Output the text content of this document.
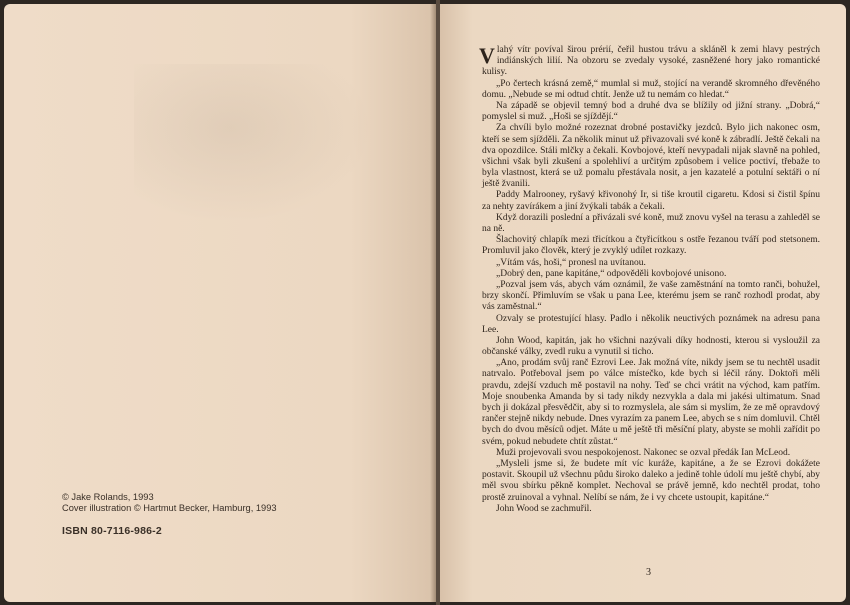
© Jake Rolands, 1993
Cover illustration © Hartmut Becker, Hamburg, 1993
ISBN 80-7116-986-2

Vlahý vítr povíval širou prérií, čeřil hustou trávu a skláněl k zemi hlavy pestrých indiánských lilií. Na obzoru se zvedaly vysoké, zasněžené hory jako romantické kulisy.

„Po čertech krásná země,“ mumlal si muž, stojící na verandě skromného dřevěného domu. „Nebude se mi odtud chtít. Jenže už tu nemám co hledat.“

Na západě se objevil temný bod a druhé dva se blížily od jižní strany. „Dobrá,“ pomyslel si muž. „Hoši se sjíždějí.“

Za chvíli bylo možné rozeznat drobné postavičky jezdců. Bylo jich nakonec osm, kteří se sem sjížděli. Za několik minut už přivazovali své koně k zábradlí. Ještě čekali na dva opozdilce. Stáli mlčky a čekali. Kovbojové, kteří nevypadali nijak slavně na pohled, všichni však byli zkušení a spolehliví a určitým způsobem i velice poctiví, třebaže to byla vlastnost, která se už pomalu přestávala nosit, a jen kazatelé a potulní sektáři o ní ještě žvanili.

Paddy Malrooney, ryšavý křivonohý Ir, si tiše kroutil cigaretu. Kdosi si čistil špínu za nehty zavírákem a jiní žvýkali tabák a čekali.

Když dorazili poslední a přivázali své koně, muž znovu vyšel na terasu a zahleděl se na ně.

Šlachovitý chlapík mezi třicítkou a čtyřicítkou s ostře řezanou tváří pod stetsonem. Promluvil jako člověk, který je zvyklý udílet rozkazy.

„Vítám vás, hoši,“ pronesl na uvítanou.

„Dobrý den, pane kapitáne,“ odpověděli kovbojové unisono.

„Pozval jsem vás, abych vám oznámil, že vaše zaměstnání na tomto ranči, bohužel, brzy skončí. Přimluvím se však u pana Lee, kterému jsem se ranč rozhodl prodat, aby vás zaměstnal.“

Ozvaly se protestující hlasy. Padlo i několik neuctivých poznámek na adresu pana Lee.

John Wood, kapitán, jak ho všichni nazývali díky hodnosti, kterou si vysloužil za občanské války, zvedl ruku a vynutil si ticho.

„Ano, prodám svůj ranč Ezrovi Lee. Jak možná víte, nikdy jsem se tu nechtěl usadit natrvalo. Potřeboval jsem po válce místečko, kde bych si léčil rány. Doktoři měli pravdu, zdejší vzduch mě postavil na nohy. Teď se chci vrátit na východ, kam patřím. Moje snoubenka Amanda by si tady nikdy nezvykla a dala mi jakési ultimatum. Snad bych ji dokázal přesvědčit, aby si to rozmyslela, ale sám si myslím, že ze mě opravdový rančer stejně nikdy nebude. Dnes vyrazím za panem Lee, abych se s ním domluvil. Chtěl bych do dvou měsíců odjet. Máte u mě ještě tři měsíční platy, abyste se mohli zařídit po svém, pokud nebudete chtít zůstat.“

Muži projevovali svou nespokojenost. Nakonec se ozval předák Ian McLeod.

„Mysleli jsme si, že budete mít víc kuráže, kapitáne, a že se Ezrovi dokážete postavit. Skoupil už všechnu půdu široko daleko a jedině tohle údolí mu ještě chybí, aby měl svou sbírku pěkně komplet. Nechoval se právě jemně, kdo nechtěl prodat, toho prostě zruinoval a vyhnal. Nelíbí se nám, že i vy chcete ustoupit, kapitáne.“

John Wood se zachmuřil.

3
